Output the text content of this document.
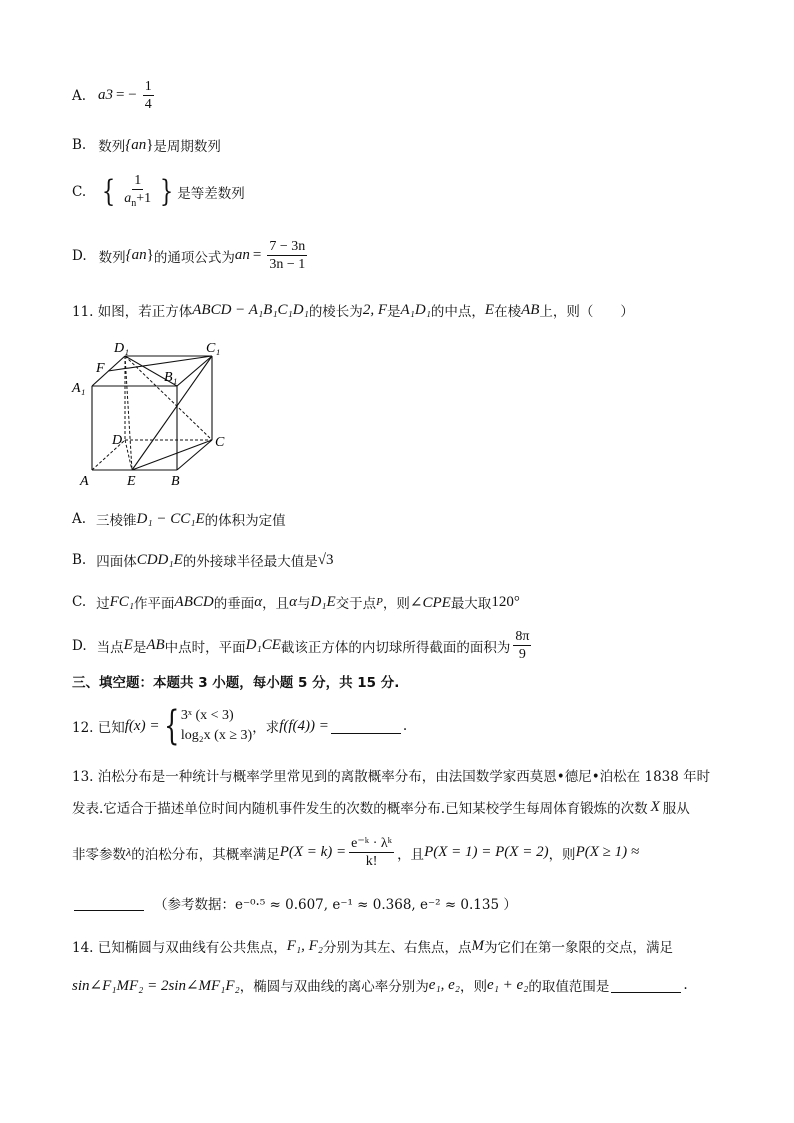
A. a 3 = − $\frac{1}{4}$
B. 数列 {a n } 是周期数列
C. { $\frac{1}{a_n+1}$ } 是等差数列
D. 数列 {a n } 的通项公式为 a $n = \frac{7 - 3n}{3n - 1}$
11. 如图，若正方体 ABCD − A₁B₁C₁D₁ 的棱长为 2, F 是 A₁D₁ 的中点， E 在棱 AB 上，则（　　）
D₁	C₁
F
A₁
B₁
D	C
A	E	B
A. 三棱锥 D₁ − CC₁E 的体积为定值
B. 四面体 CDD₁E 的外接球半径最大值是 √3
C. 过 FC₁ 作平面 ABCD 的垂面 α ，且 α 与 D₁E 交于点 P ，则 ∠CPE 最大取 120°
D. 当点 E 是 AB 中点时，平面 D₁CE 截该正方体的内切球所得截面的面积为 $\frac{8\pi}{9}$
三、填空题：本题共 3 小题，每小题 5 分，共 15 分.
12. 已知 f(x) = { 3ˣ (x < 3)
log₂x (x ≥ 3) ，求 f(f(4)) =	.
13. 泊松分布是一种统计与概率学里常见到的离散概率分布，由法国数学家西莫恩•德尼•泊松在 1838 年时
发表.它适合于描述单位时间内随机事件发生的次数的概率分布.已知某校学生每周体育锻炼的次数 X 服从
非零参数 λ 的泊松分布，其概率满足 $P(X = k) = \frac{\text{e⁻ᵏ · λᵏ}}{k!}$ ，且 P(X = 1) = P(X = 2) ，则 P(X ≥ 1) ≈
（参考数据：e⁻⁰·⁵ ≈ 0.607, e⁻¹ ≈ 0.368, e⁻² ≈ 0.135 ）
14. 已知椭圆与双曲线有公共焦点， F₁, F₂ 分别为其左、右焦点，点 M 为它们在第一象限的交点，满足
sin∠F₁MF₂ = 2sin∠MF₁F₂ ，椭圆与双曲线的离心率分别为 e₁, e₂ ，则 e₁ + e₂ 的取值范围是	.
